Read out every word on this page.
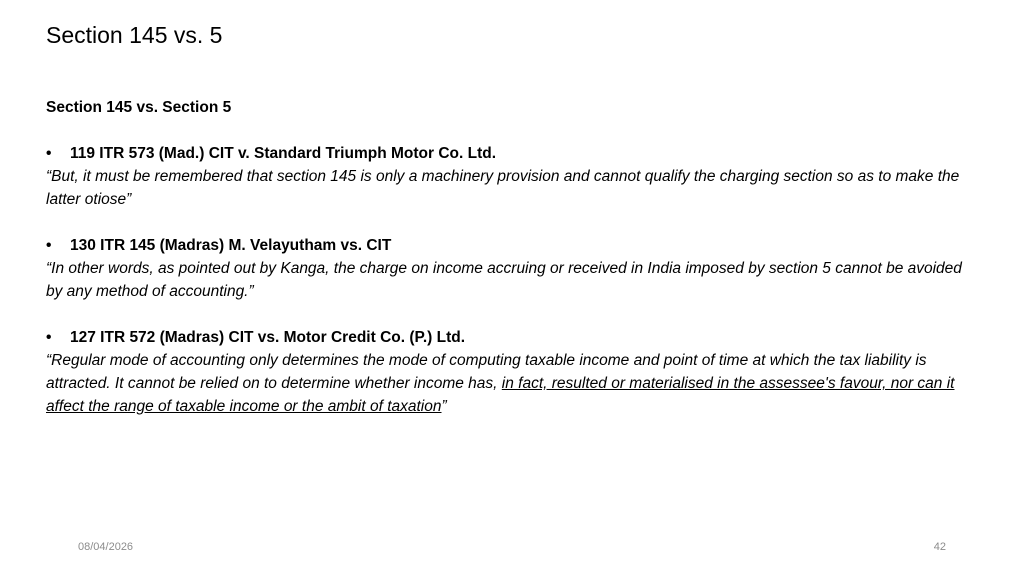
Section 145 vs. 5

Section 145 vs. Section 5

• 119 ITR 573 (Mad.) CIT v. Standard Triumph Motor Co. Ltd.

“But, it must be remembered that section 145 is only a machinery provision and cannot qualify the charging section so as to make the latter otiose”

• 130 ITR 145 (Madras) M. Velayutham vs. CIT

“In other words, as pointed out by Kanga, the charge on income accruing or received in India imposed by section 5 cannot be avoided by any method of accounting.”

• 127 ITR 572 (Madras) CIT vs. Motor Credit Co. (P.) Ltd.

“Regular mode of accounting only determines the mode of computing taxable income and point of time at which the tax liability is attracted. It cannot be relied on to determine whether income has, in fact, resulted or materialised in the assessee's favour, nor can it affect the range of taxable income or the ambit of taxation”

08/04/2026	42
